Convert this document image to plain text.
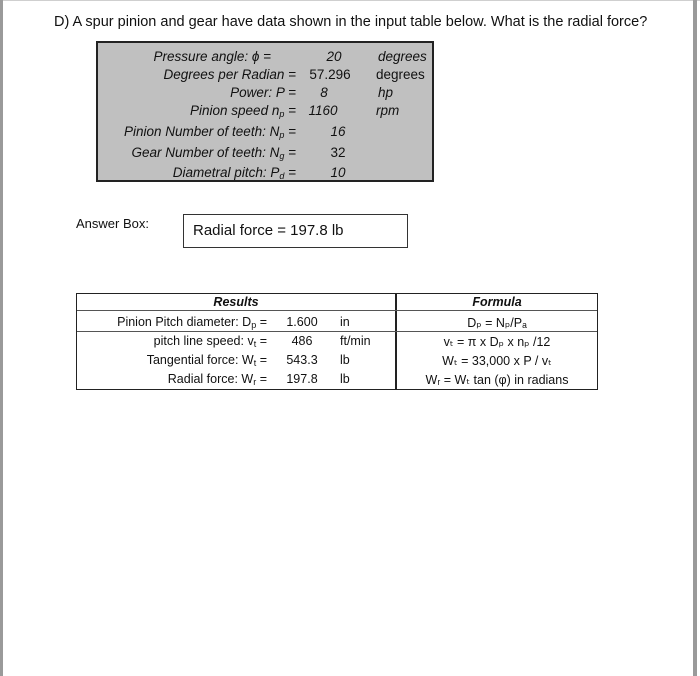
D) A spur pinion and gear have data shown in the input table below. What is the radial force?
Pressure angle: ϕ =	20	degrees
Degrees per Radian = 57.296	degrees
Power: P =	8	hp
Pinion speed $n_p = 1160$	rpm
Pinion Number of teeth: $N_p$ =	16
Gear Number of teeth: $N_g$ =	32
Diametral pitch: $P_d$ =	10
Answer Box:	Radial force = 197.8 lb
Results	Formula
Pinion Pitch diameter: $D_p$ =	1.600	in	Dₚ = Nₚ/Pₐ
pitch line speed: $v_t$ =	486	ft/min	vₜ = π x Dₚ x nₚ /12
Tangential force: $W_t$ =	543.3	lb	Wₜ = 33,000 x P / vₜ
Radial force: $W_r$ =	197.8	lb	Wᵣ = Wₜ tan (φ) in radians
